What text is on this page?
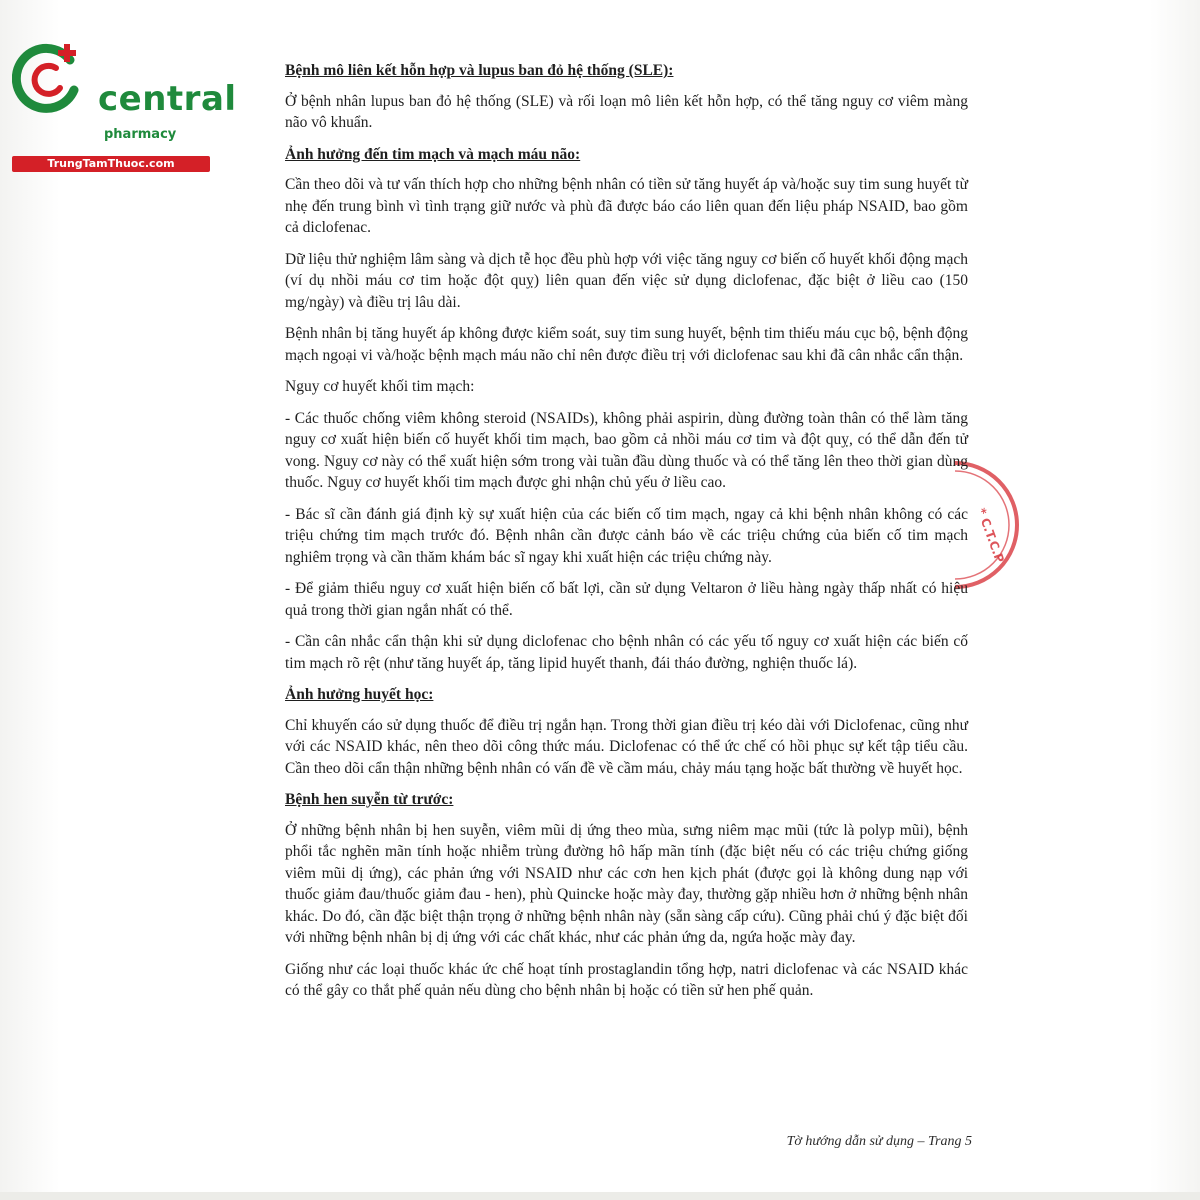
central
pharmacy
TrungTamThuoc.com
* C.T.C.P
Bệnh mô liên kết hỗn hợp và lupus ban đỏ hệ thống (SLE):

Ở bệnh nhân lupus ban đỏ hệ thống (SLE) và rối loạn mô liên kết hỗn hợp, có thể tăng nguy cơ viêm màng não vô khuẩn.

Ảnh hưởng đến tim mạch và mạch máu não:

Cần theo dõi và tư vấn thích hợp cho những bệnh nhân có tiền sử tăng huyết áp và/hoặc suy tim sung huyết từ nhẹ đến trung bình vì tình trạng giữ nước và phù đã được báo cáo liên quan đến liệu pháp NSAID, bao gồm cả diclofenac.

Dữ liệu thử nghiệm lâm sàng và dịch tễ học đều phù hợp với việc tăng nguy cơ biến cố huyết khối động mạch (ví dụ nhồi máu cơ tim hoặc đột quỵ) liên quan đến việc sử dụng diclofenac, đặc biệt ở liều cao (150 mg/ngày) và điều trị lâu dài.

Bệnh nhân bị tăng huyết áp không được kiểm soát, suy tim sung huyết, bệnh tim thiếu máu cục bộ, bệnh động mạch ngoại vi và/hoặc bệnh mạch máu não chỉ nên được điều trị với diclofenac sau khi đã cân nhắc cẩn thận.

Nguy cơ huyết khối tim mạch:

- Các thuốc chống viêm không steroid (NSAIDs), không phải aspirin, dùng đường toàn thân có thể làm tăng nguy cơ xuất hiện biến cố huyết khối tim mạch, bao gồm cả nhồi máu cơ tim và đột quỵ, có thể dẫn đến tử vong. Nguy cơ này có thể xuất hiện sớm trong vài tuần đầu dùng thuốc và có thể tăng lên theo thời gian dùng thuốc. Nguy cơ huyết khối tim mạch được ghi nhận chủ yếu ở liều cao.

- Bác sĩ cần đánh giá định kỳ sự xuất hiện của các biến cố tim mạch, ngay cả khi bệnh nhân không có các triệu chứng tim mạch trước đó. Bệnh nhân cần được cảnh báo về các triệu chứng của biến cố tim mạch nghiêm trọng và cần thăm khám bác sĩ ngay khi xuất hiện các triệu chứng này.

- Để giảm thiểu nguy cơ xuất hiện biến cố bất lợi, cần sử dụng Veltaron ở liều hàng ngày thấp nhất có hiệu quả trong thời gian ngắn nhất có thể.

- Cần cân nhắc cẩn thận khi sử dụng diclofenac cho bệnh nhân có các yếu tố nguy cơ xuất hiện các biến cố tim mạch rõ rệt (như tăng huyết áp, tăng lipid huyết thanh, đái tháo đường, nghiện thuốc lá).

Ảnh hưởng huyết học:

Chỉ khuyến cáo sử dụng thuốc để điều trị ngắn hạn. Trong thời gian điều trị kéo dài với Diclofenac, cũng như với các NSAID khác, nên theo dõi công thức máu. Diclofenac có thể ức chế có hồi phục sự kết tập tiểu cầu. Cần theo dõi cẩn thận những bệnh nhân có vấn đề về cầm máu, chảy máu tạng hoặc bất thường về huyết học.

Bệnh hen suyễn từ trước:

Ở những bệnh nhân bị hen suyễn, viêm mũi dị ứng theo mùa, sưng niêm mạc mũi (tức là polyp mũi), bệnh phổi tắc nghẽn mãn tính hoặc nhiễm trùng đường hô hấp mãn tính (đặc biệt nếu có các triệu chứng giống viêm mũi dị ứng), các phản ứng với NSAID như các cơn hen kịch phát (được gọi là không dung nạp với thuốc giảm đau/thuốc giảm đau - hen), phù Quincke hoặc mày đay, thường gặp nhiều hơn ở những bệnh nhân khác. Do đó, cần đặc biệt thận trọng ở những bệnh nhân này (sẵn sàng cấp cứu). Cũng phải chú ý đặc biệt đối với những bệnh nhân bị dị ứng với các chất khác, như các phản ứng da, ngứa hoặc mày đay.

Giống như các loại thuốc khác ức chế hoạt tính prostaglandin tổng hợp, natri diclofenac và các NSAID khác có thể gây co thắt phế quản nếu dùng cho bệnh nhân bị hoặc có tiền sử hen phế quản.

Tờ hướng dẫn sử dụng – Trang 5
